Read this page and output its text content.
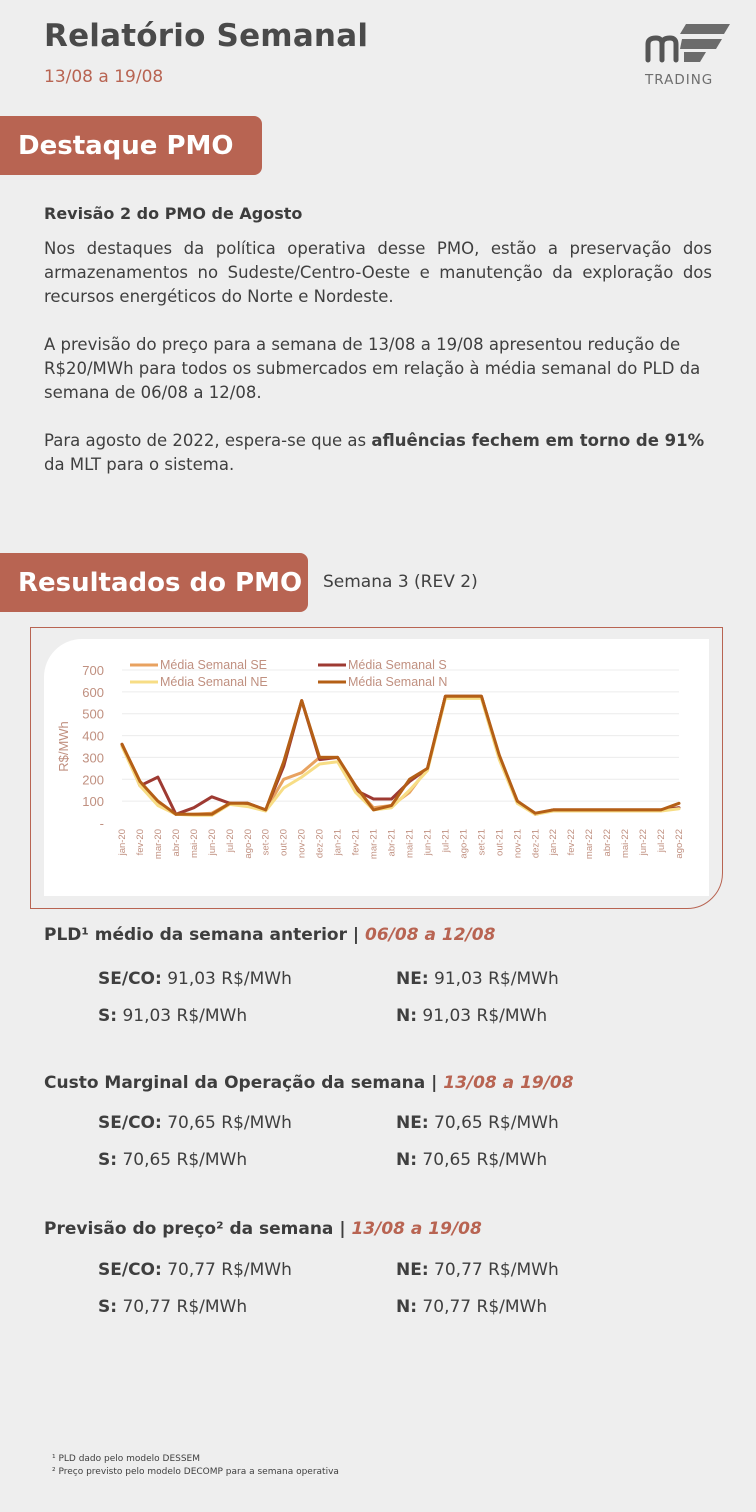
Relatório Semanal
13/08 a 19/08	TRADING
Destaque PMO
Revisão 2 do PMO de Agosto
Nos destaques da política operativa desse PMO, estão a preservação dos armazenamentos no Sudeste/Centro-Oeste e manutenção da exploração dos recursos energéticos do Norte e Nordeste.
A previsão do preço para a semana de 13/08 a 19/08 apresentou redução de R$20/MWh para todos os submercados em relação à média semanal do PLD da semana de 06/08 a 12/08.
Para agosto de 2022, espera-se que as afluências fechem em torno de 91% da MLT para o sistema.
Resultados do PMO	Semana 3 (REV 2)
-
100
200
300
400
500
600
700
R$/MWh
jan-20 fev-20 mar-20 abr-20 mai-20 jun-20 jul-20 ago-20 set-20 out-20 nov-20 dez-20 jan-21 fev-21 mar-21 abr-21 mai-21 jun-21 jul-21 ago-21 set-21 out-21 nov-21 dez-21 jan-22 fev-22 mar-22 abr-22 mai-22 jun-22 jul-22 ago-22
Média Semanal SE	Média Semanal S
Média Semanal NE	Média Semanal N
PLD¹ médio da semana anterior | 06/08 a 12/08
SE/CO: 91,03 R$/MWh	NE: 91,03 R$/MWh
S: 91,03 R$/MWh	N: 91,03 R$/MWh
Custo Marginal da Operação da semana | 13/08 a 19/08
SE/CO: 70,65 R$/MWh	NE: 70,65 R$/MWh
S: 70,65 R$/MWh	N: 70,65 R$/MWh
Previsão do preço² da semana | 13/08 a 19/08
SE/CO: 70,77 R$/MWh	NE: 70,77 R$/MWh
S: 70,77 R$/MWh	N: 70,77 R$/MWh
¹ PLD dado pelo modelo DESSEM
² Preço previsto pelo modelo DECOMP para a semana operativa
